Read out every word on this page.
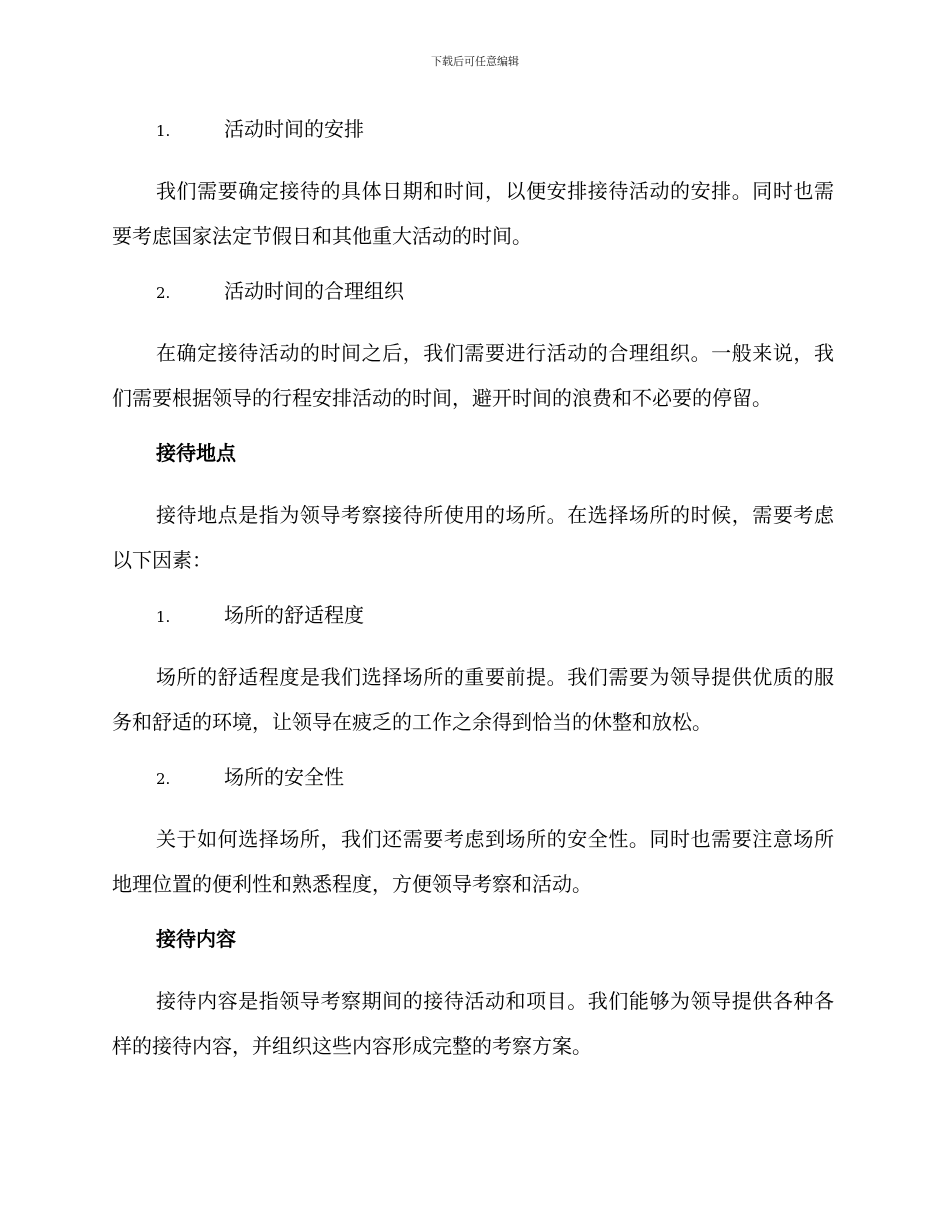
下载后可任意编辑
1.	活动时间的安排

我们需要确定接待的具体日期和时间，以便安排接待活动的安排。同时也需要考虑国家法定节假日和其他重大活动的时间。

2.	活动时间的合理组织

在确定接待活动的时间之后，我们需要进行活动的合理组织。一般来说，我们需要根据领导的行程安排活动的时间，避开时间的浪费和不必要的停留。

接待地点

接待地点是指为领导考察接待所使用的场所。在选择场所的时候，需要考虑以下因素：

1.	场所的舒适程度

场所的舒适程度是我们选择场所的重要前提。我们需要为领导提供优质的服务和舒适的环境，让领导在疲乏的工作之余得到恰当的休整和放松。

2.	场所的安全性

关于如何选择场所，我们还需要考虑到场所的安全性。同时也需要注意场所地理位置的便利性和熟悉程度，方便领导考察和活动。

接待内容

接待内容是指领导考察期间的接待活动和项目。我们能够为领导提供各种各样的接待内容，并组织这些内容形成完整的考察方案。
